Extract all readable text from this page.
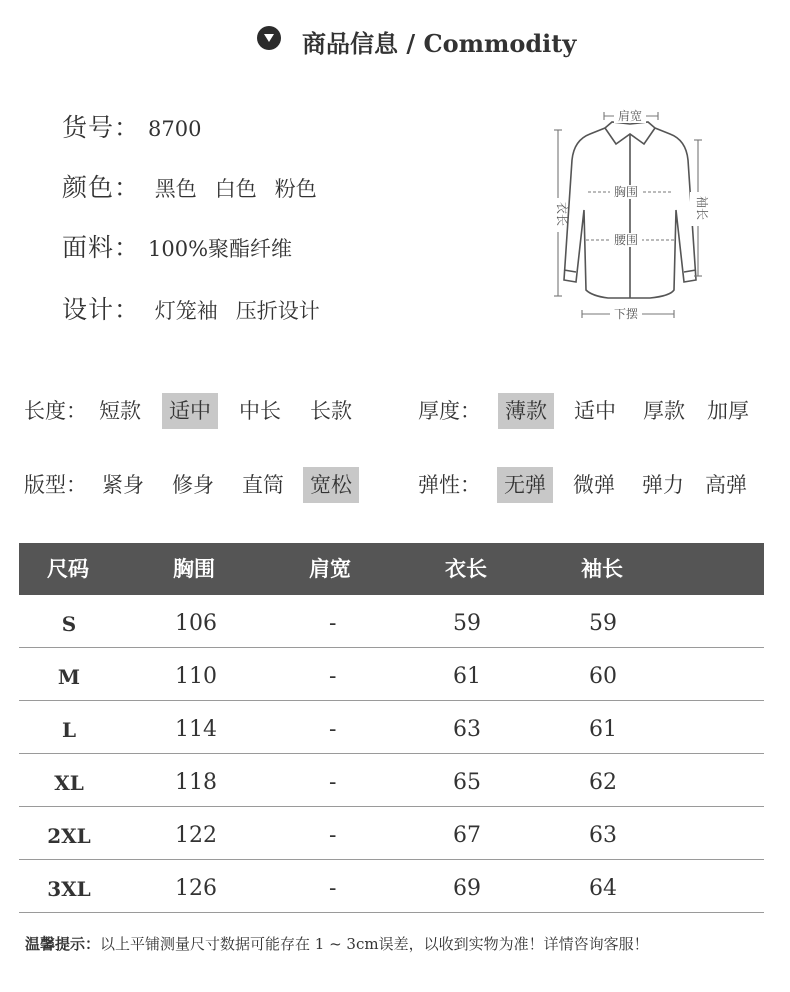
商品信息 / Commodity
货号： 8700
颜色： 黑色 白色 粉色
面料： 100%聚酯纤维
设计： 灯笼袖 压折设计
肩宽
衣长	袖长
胸围
腰围
下摆
长度： 短款	适中	中长	长款	厚度：	薄款	适中	厚款	加厚
版型： 紧身	修身	直筒	宽松	弹性：	无弹	微弹	弹力	高弹
尺码	胸围	肩宽	衣长	袖长
S	106	-	59	59
M	110	-	61	60
L	114	-	63	61
XL	118	-	65	62
2XL	122	-	67	63
3XL	126	-	69	64
温馨提示：以上平铺测量尺寸数据可能存在 1 ~ 3cm误差，以收到实物为准！详情咨询客服！
